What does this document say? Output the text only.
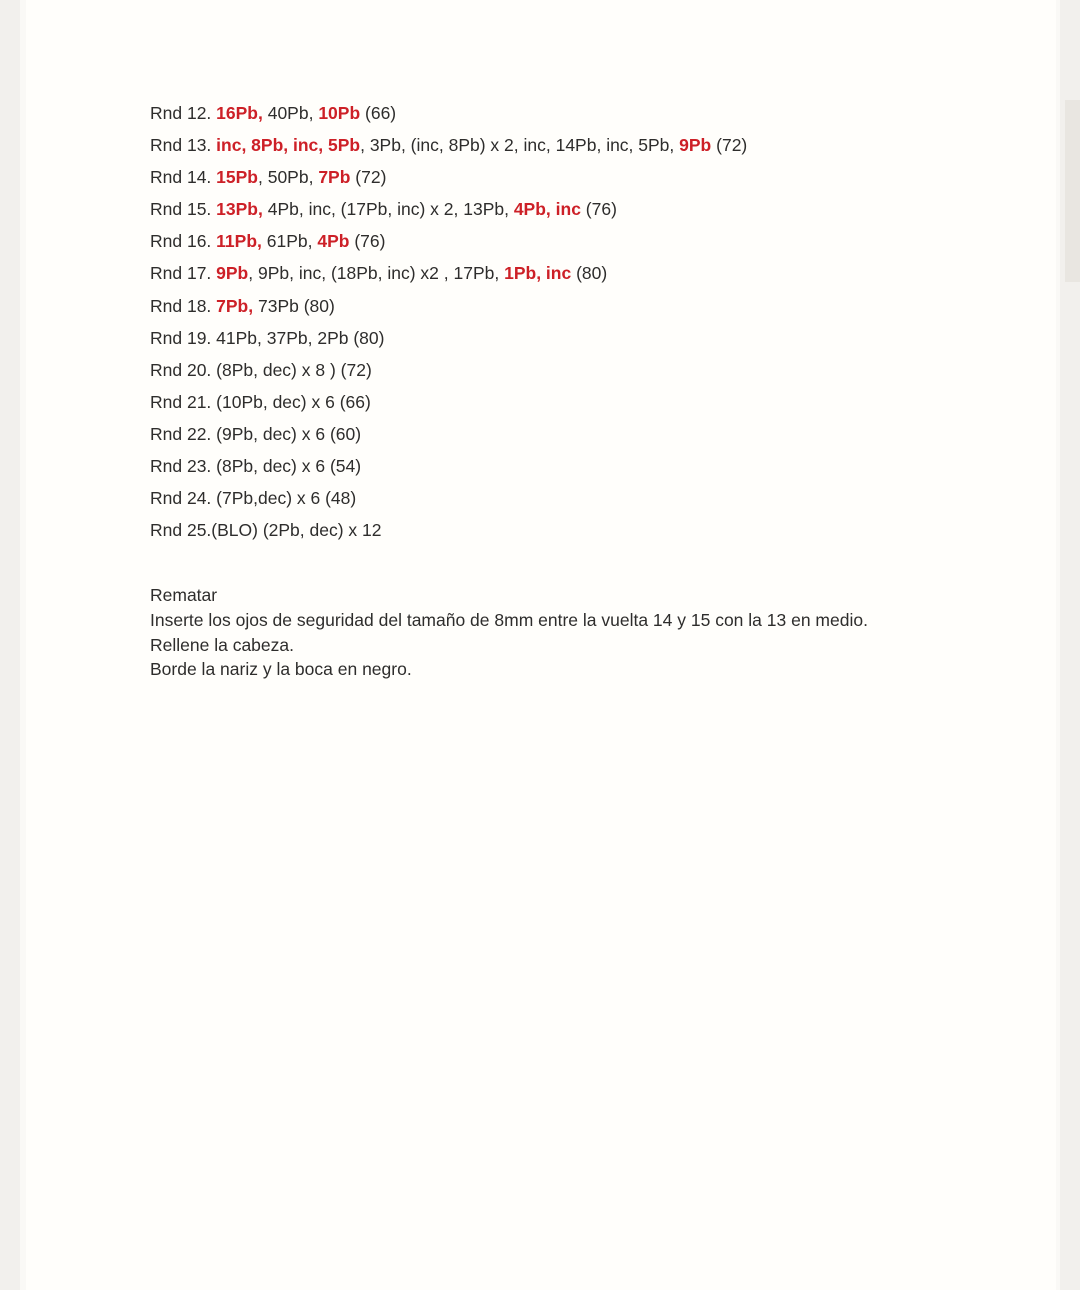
Rnd 12. 16Pb, 40Pb, 10Pb (66)
Rnd 13. inc, 8Pb, inc, 5Pb, 3Pb, (inc, 8Pb) x 2, inc, 14Pb, inc, 5Pb, 9Pb (72)
Rnd 14. 15Pb, 50Pb, 7Pb (72)
Rnd 15. 13Pb, 4Pb, inc, (17Pb, inc) x 2, 13Pb, 4Pb, inc (76)
Rnd 16. 11Pb, 61Pb, 4Pb (76)
Rnd 17. 9Pb, 9Pb, inc, (18Pb, inc) x2 , 17Pb, 1Pb, inc (80)
Rnd 18. 7Pb, 73Pb (80)
Rnd 19. 41Pb, 37Pb, 2Pb (80)
Rnd 20. (8Pb, dec) x 8 ) (72)
Rnd 21. (10Pb, dec) x 6 (66)
Rnd 22. (9Pb, dec) x 6 (60)
Rnd 23. (8Pb, dec) x 6 (54)
Rnd 24. (7Pb,dec) x 6 (48)
Rnd 25.(BLO) (2Pb, dec) x 12
Rematar
Inserte los ojos de seguridad del tamaño de 8mm entre la vuelta 14 y 15 con la 13 en medio.
Rellene la cabeza.
Borde la nariz y la boca en negro.
